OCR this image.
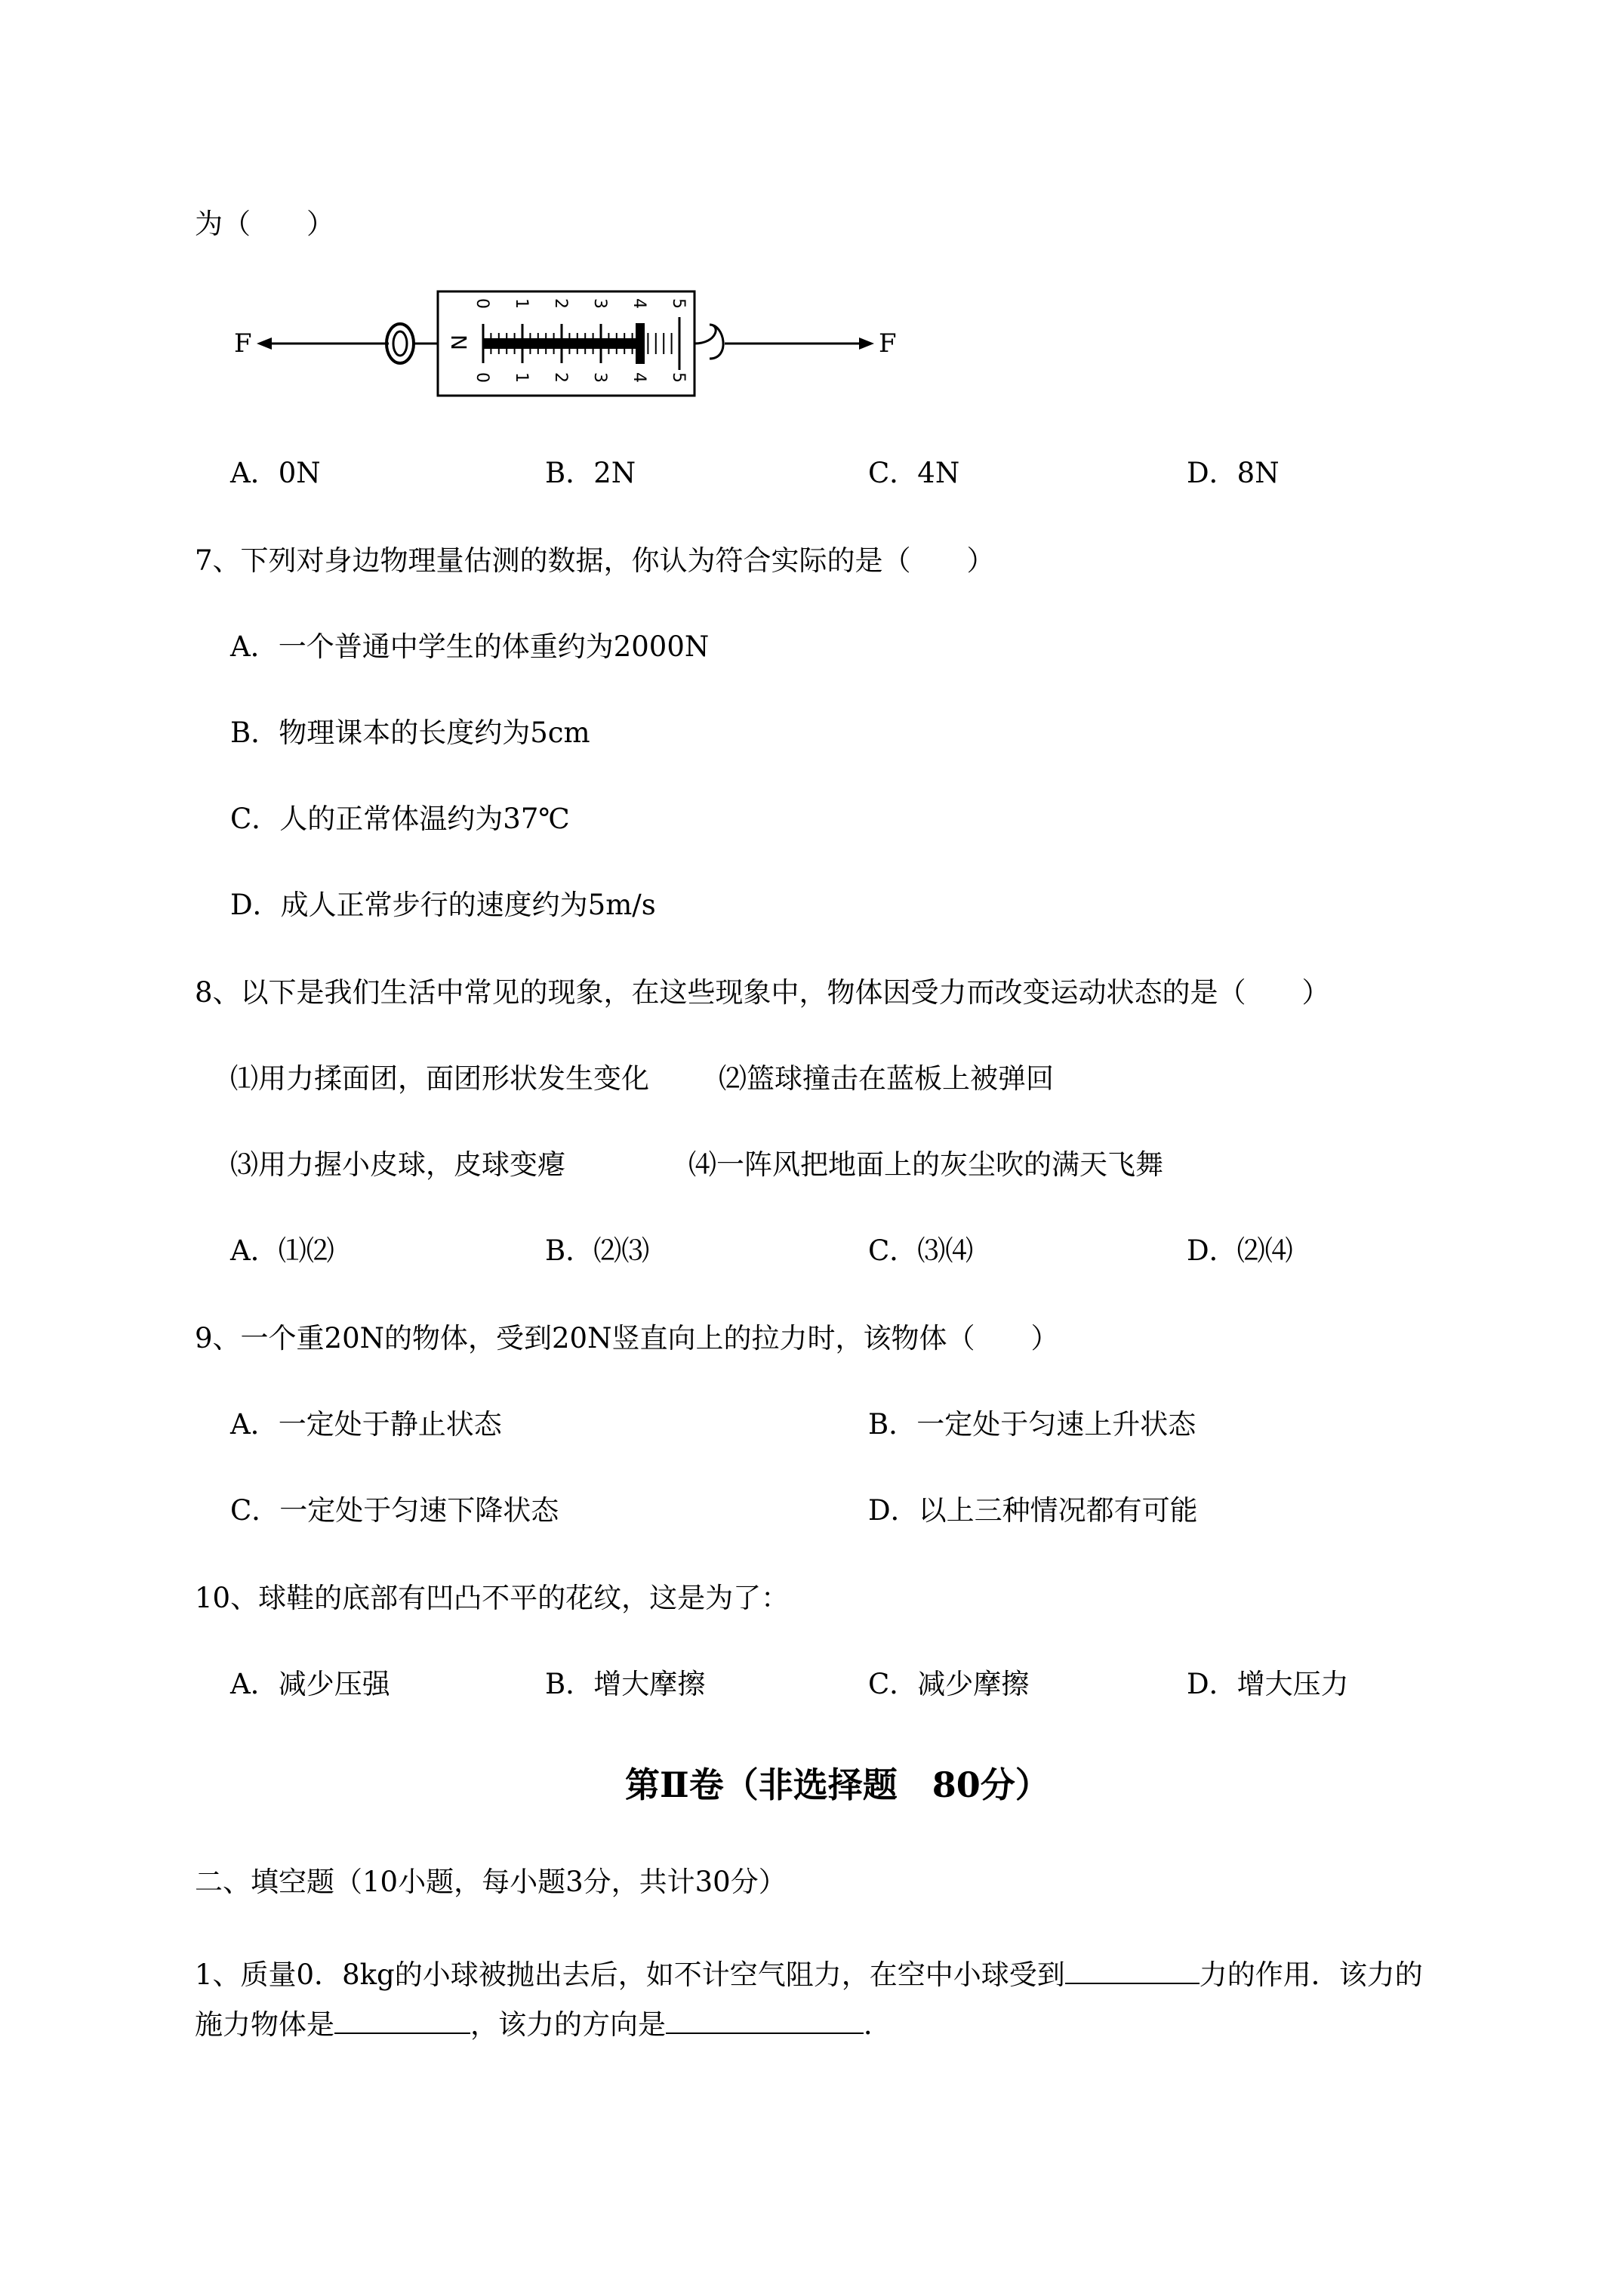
为（　　）
F	N
0 1 2 3 4 5
0 1 2 3 4 5
F
A．0N	B．2N	C．4N	D．8N
7、下列对身边物理量估测的数据，你认为符合实际的是（　　）
A．一个普通中学生的体重约为2000N
B．物理课本的长度约为5cm
C．人的正常体温约为37℃
D．成人正常步行的速度约为5m/s
8、以下是我们生活中常见的现象，在这些现象中，物体因受力而改变运动状态的是（　　）
⑴用力揉面团，面团形状发生变化 ⑵篮球撞击在蓝板上被弹回
⑶用力握小皮球，皮球变瘪	⑷一阵风把地面上的灰尘吹的满天飞舞
A．⑴⑵	B．⑵⑶	C．⑶⑷	D．⑵⑷
9、一个重20N的物体，受到20N竖直向上的拉力时，该物体（　　）
A．一定处于静止状态	B．一定处于匀速上升状态
C．一定处于匀速下降状态	D．以上三种情况都有可能
10、球鞋的底部有凹凸不平的花纹，这是为了：
A．减少压强	B．增大摩擦	C．减少摩擦	D．增大压力
第Ⅱ卷（非选择题　80分）
二、填空题（10小题，每小题3分，共计30分）
1、质量0．8kg的小球被抛出去后，如不计空气阻力，在空中小球受到	力的作用．该力的
施力物体是	，该力的方向是	．
